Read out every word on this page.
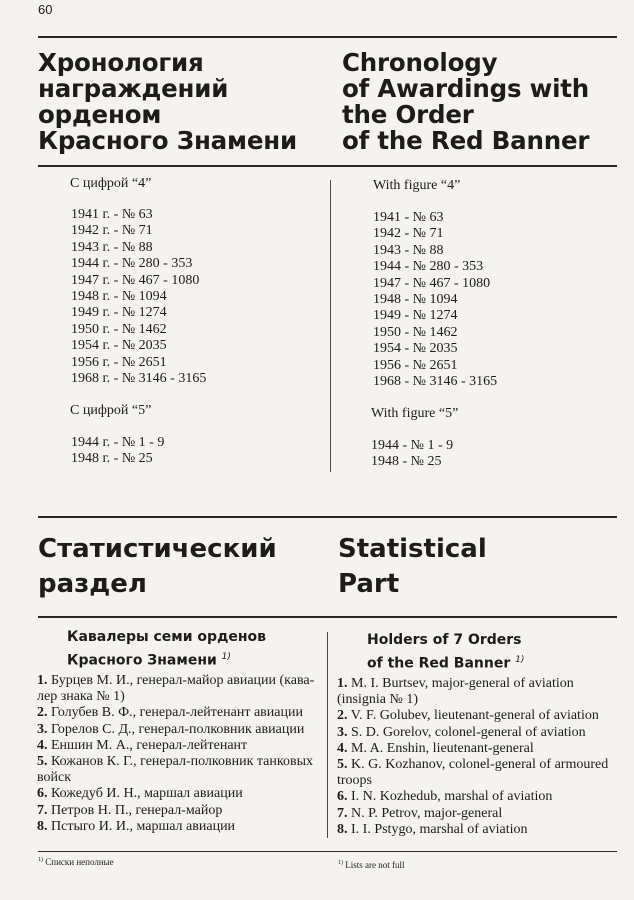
60
Хронология
награждений
орденом
Красного Знамени
Chronology
of Awardings with
the Order
of the Red Banner
С цифрой “4”
1941 г. - № 63
1942 г. - № 71
1943 г. - № 88
1944 г. - № 280 - 353
1947 г. - № 467 - 1080
1948 г. - № 1094
1949 г. - № 1274
1950 г. - № 1462
1954 г. - № 2035
1956 г. - № 2651
1968 г. - № 3146 - 3165
С цифрой “5”
1944 г. - № 1 - 9
1948 г. - № 25
With figure “4”
1941 - № 63
1942 - № 71
1943 - № 88
1944 - № 280 - 353
1947 - № 467 - 1080
1948 - № 1094
1949 - № 1274
1950 - № 1462
1954 - № 2035
1956 - № 2651
1968 - № 3146 - 3165
With figure “5”
1944 - № 1 - 9
1948 - № 25
Статистический
раздел
Statistical
Part
Кавалеры семи орденов
Красного Знамени $^{1)}$
1. Бурцев М. И., генерал-майор авиации (кава-лер знака № 1)
2. Голубев В. Ф., генерал-лейтенант авиации
3. Горелов С. Д., генерал-полковник авиации
4. Еншин М. А., генерал-лейтенант
5. Кожанов К. Г., генерал-полковник танковых войск
6. Кожедуб И. Н., маршал авиации
7. Петров Н. П., генерал-майор
8. Пстыго И. И., маршал авиации
Holders of 7 Orders
of the Red Banner $^{1)}$
1. M. I. Burtsev, major-general of aviation (insignia № 1)
2. V. F. Golubev, lieutenant-general of aviation
3. S. D. Gorelov, colonel-general of aviation
4. M. A. Enshin, lieutenant-general
5. K. G. Kozhanov, colonel-general of armoured troops
6. I. N. Kozhedub, marshal of aviation
7. N. P. Petrov, major-general
8. I. I. Pstygo, marshal of aviation
$^{1)}$ Списки неполные	$^{1)}$ Lists are not full
